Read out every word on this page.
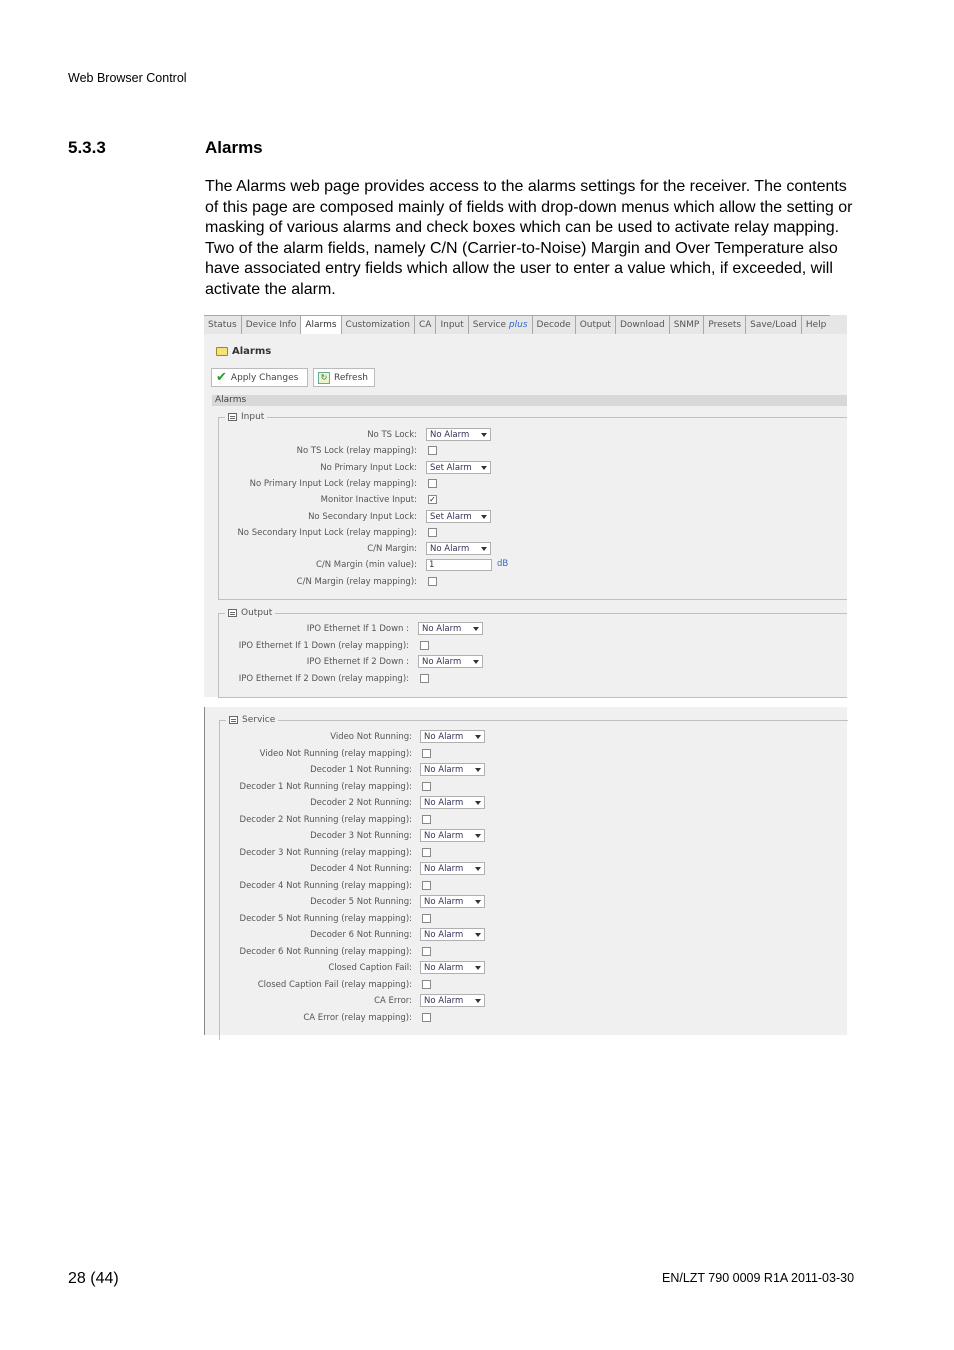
Web Browser Control
5.3.3	Alarms
The Alarms web page provides access to the alarms settings for the receiver. The contents of this page are composed mainly of fields with drop-down menus which allow the setting or masking of various alarms and check boxes which can be used to activate relay mapping. Two of the alarm fields, namely C/N (Carrier-to-Noise) Margin and Over Temperature also have associated entry fields which allow the user to enter a value which, if exceeded, will activate the alarm.
Status	Device Info	Alarms	Customization	CA	Input	Service plus	Decode	Output	Download	SNMP	Presets	Save/Load	Help
Alarms
✔ Apply Changes	↻ Refresh
Alarms
Input
No TS Lock:	No Alarm
No TS Lock (relay mapping):
No Primary Input Lock:	Set Alarm
No Primary Input Lock (relay mapping):
Monitor Inactive Input: ✓
No Secondary Input Lock:	Set Alarm
No Secondary Input Lock (relay mapping):
C/N Margin:	No Alarm
C/N Margin (min value):	1	dB
C/N Margin (relay mapping):
Output
IPO Ethernet If 1 Down :	No Alarm
IPO Ethernet If 1 Down (relay mapping):
IPO Ethernet If 2 Down :	No Alarm
IPO Ethernet If 2 Down (relay mapping):
Service
Video Not Running:	No Alarm
Video Not Running (relay mapping):
Decoder 1 Not Running:	No Alarm
Decoder 1 Not Running (relay mapping):
Decoder 2 Not Running:	No Alarm
Decoder 2 Not Running (relay mapping):
Decoder 3 Not Running:	No Alarm
Decoder 3 Not Running (relay mapping):
Decoder 4 Not Running:	No Alarm
Decoder 4 Not Running (relay mapping):
Decoder 5 Not Running:	No Alarm
Decoder 5 Not Running (relay mapping):
Decoder 6 Not Running:	No Alarm
Decoder 6 Not Running (relay mapping):
Closed Caption Fail:	No Alarm
Closed Caption Fail (relay mapping):
CA Error:	No Alarm
CA Error (relay mapping):
28 (44)	EN/LZT 790 0009 R1A 2011-03-30
